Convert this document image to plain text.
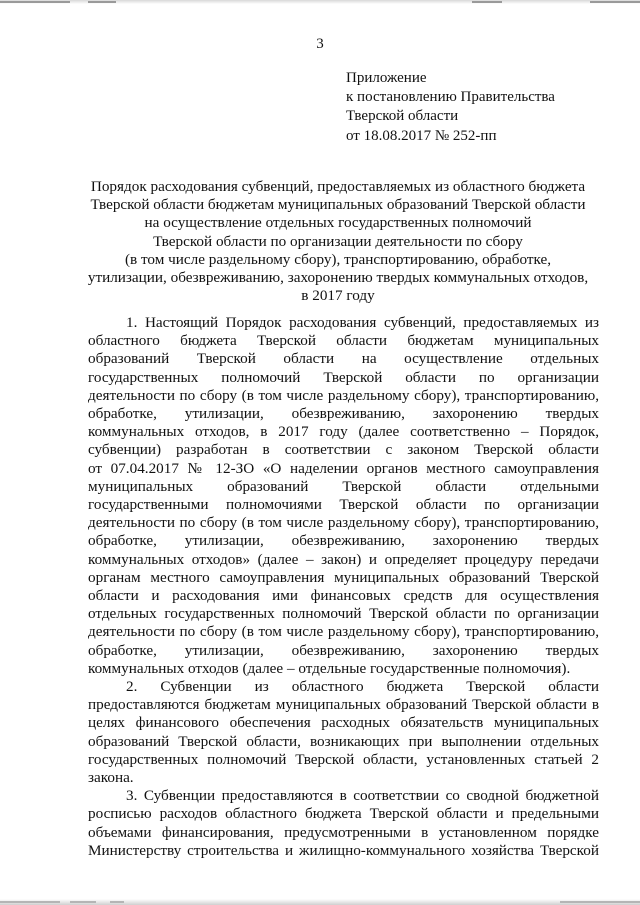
3
Приложение
к постановлению Правительства
Тверской области
от 18.08.2017 № 252-пп
Порядок расходования субвенций, предоставляемых из областного бюджета
Тверской области бюджетам муниципальных образований Тверской области
на осуществление отдельных государственных полномочий
Тверской области по организации деятельности по сбору
(в том числе раздельному сбору), транспортированию, обработке,
утилизации, обезвреживанию, захоронению твердых коммунальных отходов,
в 2017 году
1. Настоящий Порядок расходования субвенций, предоставляемых из
областного бюджета Тверской области бюджетам муниципальных
образований Тверской области на осуществление отдельных
государственных полномочий Тверской области по организации
деятельности по сбору (в том числе раздельному сбору), транспортированию,
обработке, утилизации, обезвреживанию, захоронению твердых
коммунальных отходов, в 2017 году (далее соответственно – Порядок,
субвенции) разработан в соответствии с законом Тверской области
от 07.04.2017 № 12-ЗО «О наделении органов местного самоуправления
муниципальных образований Тверской области отдельными
государственными полномочиями Тверской области по организации
деятельности по сбору (в том числе раздельному сбору), транспортированию,
обработке, утилизации, обезвреживанию, захоронению твердых
коммунальных отходов» (далее – закон) и определяет процедуру передачи
органам местного самоуправления муниципальных образований Тверской
области и расходования ими финансовых средств для осуществления
отдельных государственных полномочий Тверской области по организации
деятельности по сбору (в том числе раздельному сбору), транспортированию,
обработке, утилизации, обезвреживанию, захоронению твердых
коммунальных отходов (далее – отдельные государственные полномочия).
2. Субвенции из областного бюджета Тверской области
предоставляются бюджетам муниципальных образований Тверской области в
целях финансового обеспечения расходных обязательств муниципальных
образований Тверской области, возникающих при выполнении отдельных
государственных полномочий Тверской области, установленных статьей 2
закона.
3. Субвенции предоставляются в соответствии со сводной бюджетной
росписью расходов областного бюджета Тверской области и предельными
объемами финансирования, предусмотренными в установленном порядке
Министерству строительства и жилищно-коммунального хозяйства Тверской
